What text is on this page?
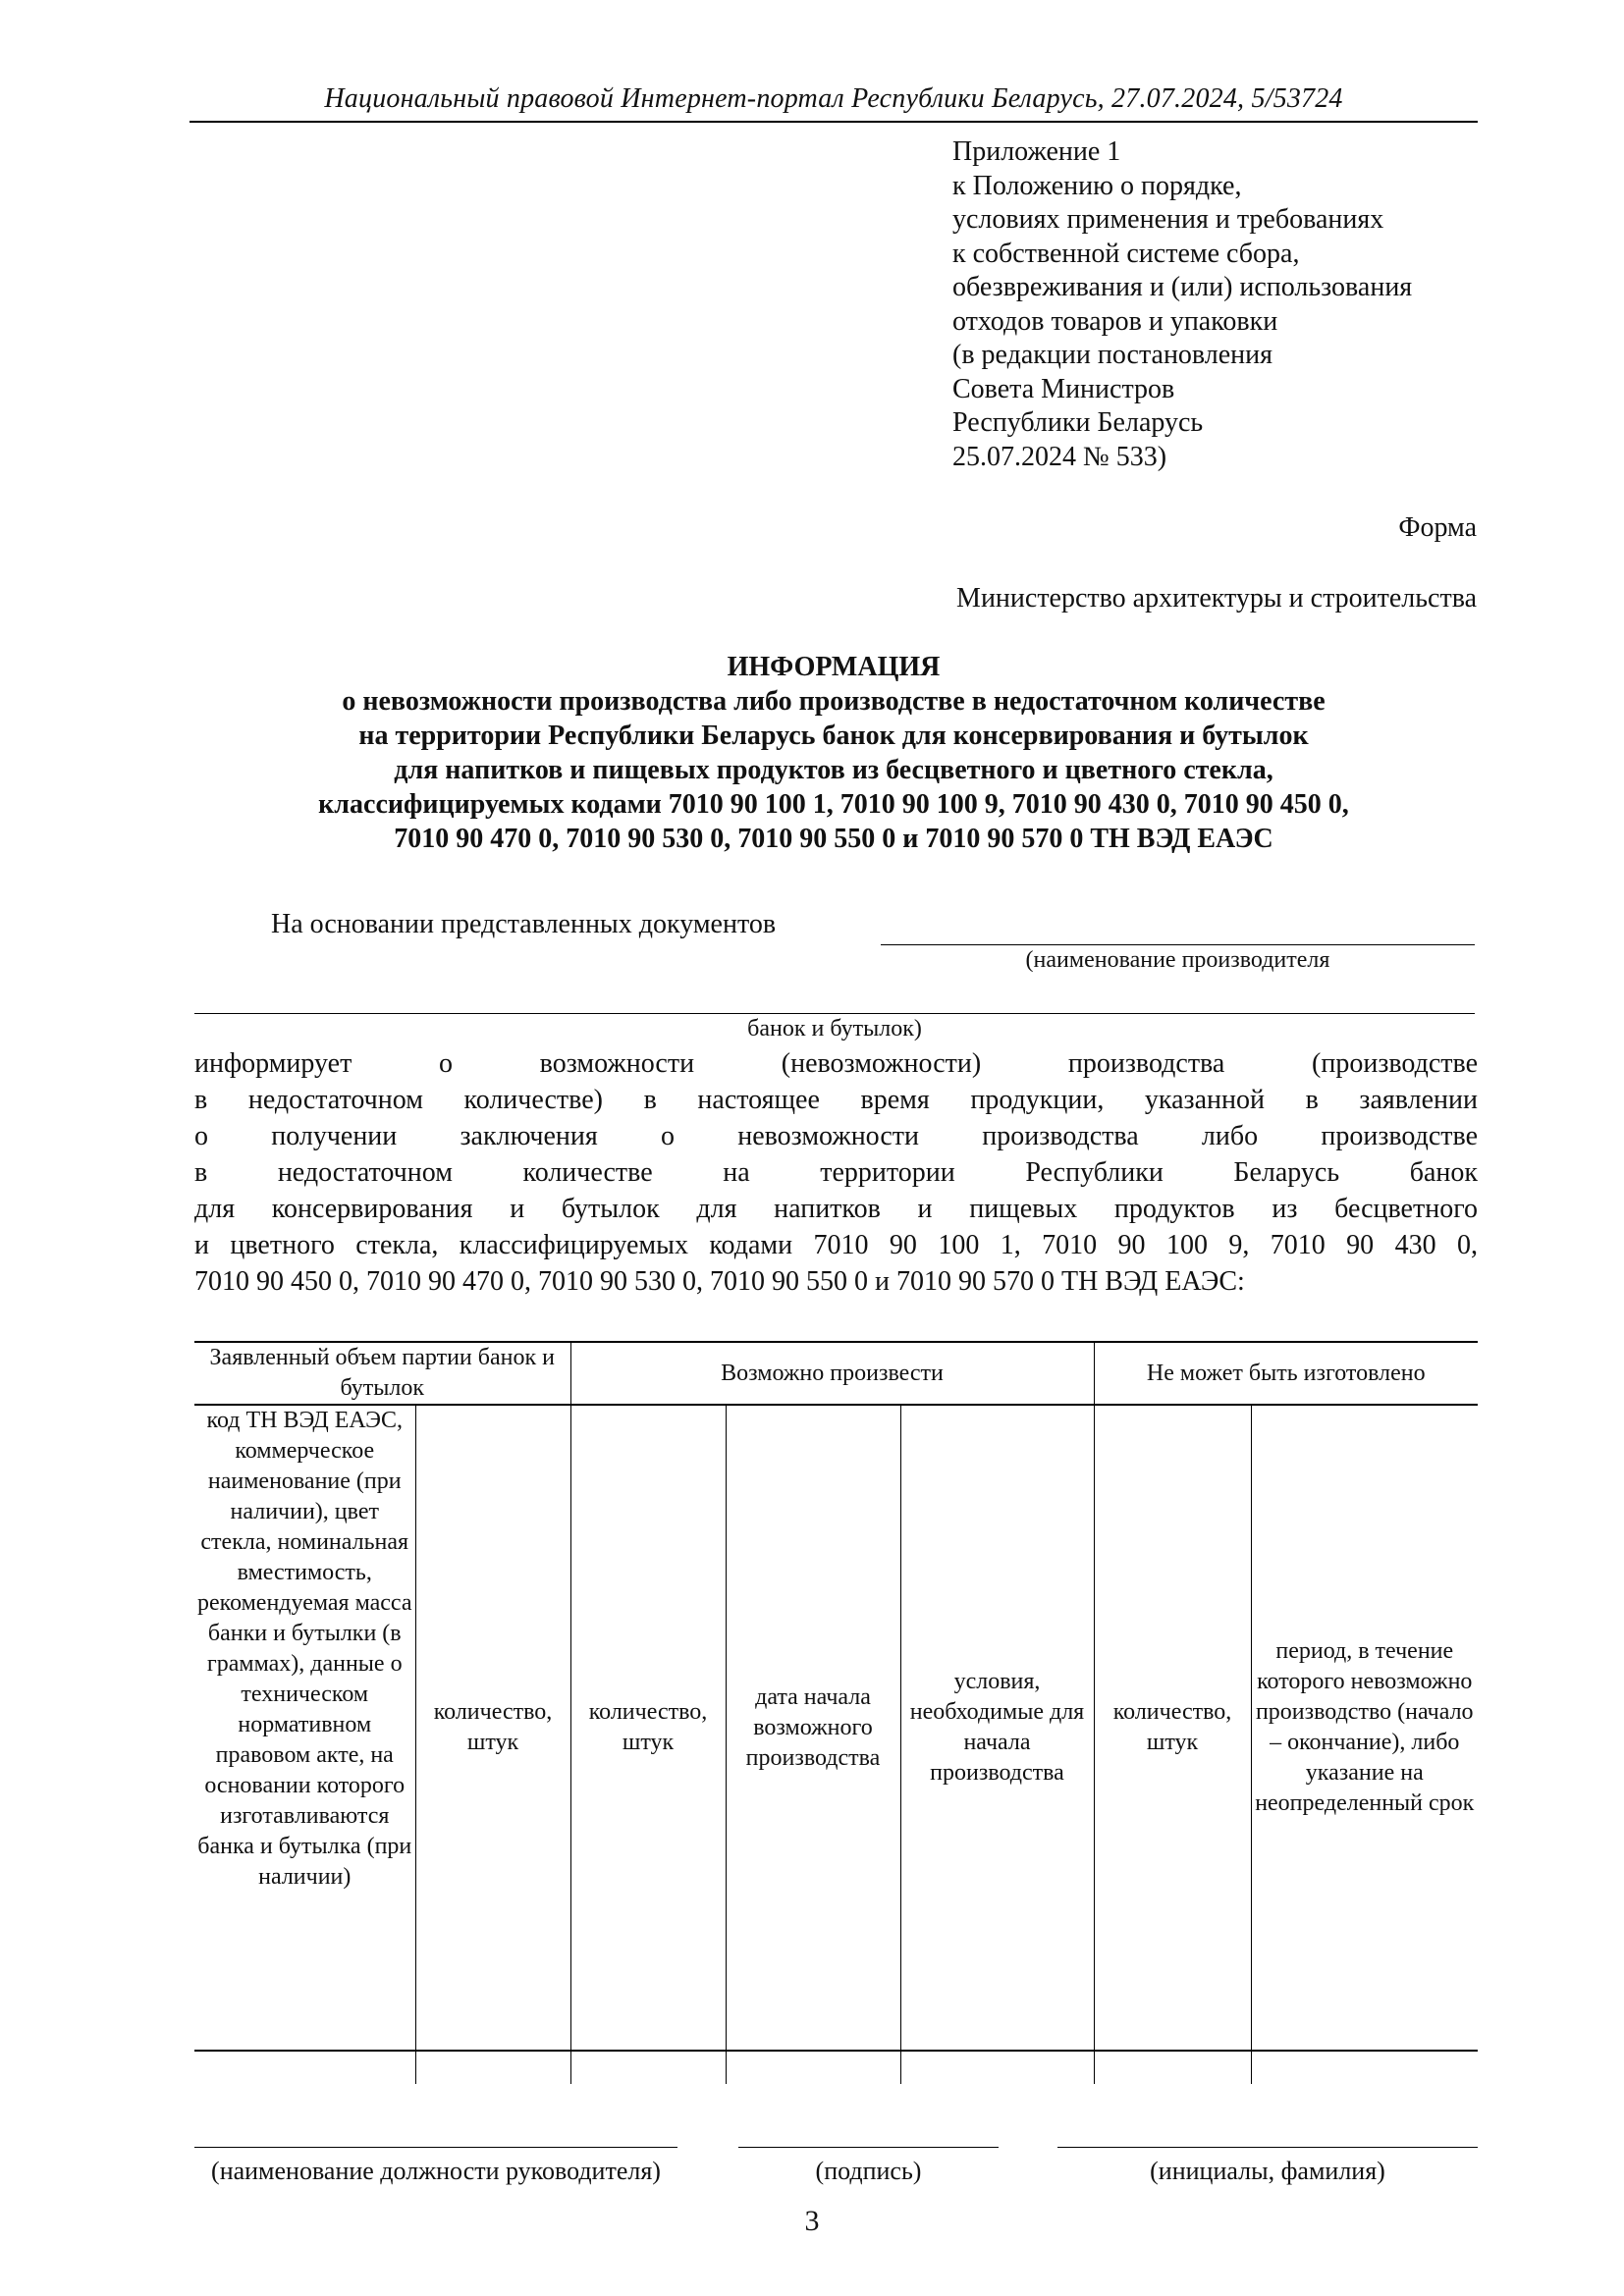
Национальный правовой Интернет-портал Республики Беларусь, 27.07.2024, 5/53724
Приложение 1
к Положению о порядке,
условиях применения и требованиях
к собственной системе сбора,
обезвреживания и (или) использования
отходов товаров и упаковки
(в редакции постановления
Совета Министров
Республики Беларусь
25.07.2024 № 533)
Форма
Министерство архитектуры и строительства
ИНФОРМАЦИЯ
о невозможности производства либо производстве в недостаточном количестве
на территории Республики Беларусь банок для консервирования и бутылок
для напитков и пищевых продуктов из бесцветного и цветного стекла,
классифицируемых кодами 7010 90 100 1, 7010 90 100 9, 7010 90 430 0, 7010 90 450 0,
7010 90 470 0, 7010 90 530 0, 7010 90 550 0 и 7010 90 570 0 ТН ВЭД ЕАЭС
На основании представленных документов
(наименование производителя
банок и бутылок)
информирует о возможности (невозможности) производства (производстве
в недостаточном количестве) в настоящее время продукции, указанной в заявлении
о получении заключения о невозможности производства либо производстве
в недостаточном количестве на территории Республики Беларусь банок
для консервирования и бутылок для напитков и пищевых продуктов из бесцветного
и цветного стекла, классифицируемых кодами 7010 90 100 1, 7010 90 100 9, 7010 90 430 0,
7010 90 450 0, 7010 90 470 0, 7010 90 530 0, 7010 90 550 0 и 7010 90 570 0 ТН ВЭД ЕАЭС:
Заявленный объем партии банок и бутылок		Возможно произвести			Не может быть изготовлено	
код ТН ВЭД ЕАЭС, коммерческое наименование (при наличии), цвет стекла, номинальная вместимость, рекомендуемая масса банки и бутылки (в граммах), данные о техническом нормативном правовом акте, на основании которого изготавливаются банка и бутылка (при наличии)	количество, штук	количество, штук	дата начала возможного производства	условия, необходимые для начала производства	количество, штук	период, в течение которого невозможно производство (начало – окончание), либо указание на неопределенный срок

(наименование должности руководителя)	(подпись)	(инициалы, фамилия)
3
